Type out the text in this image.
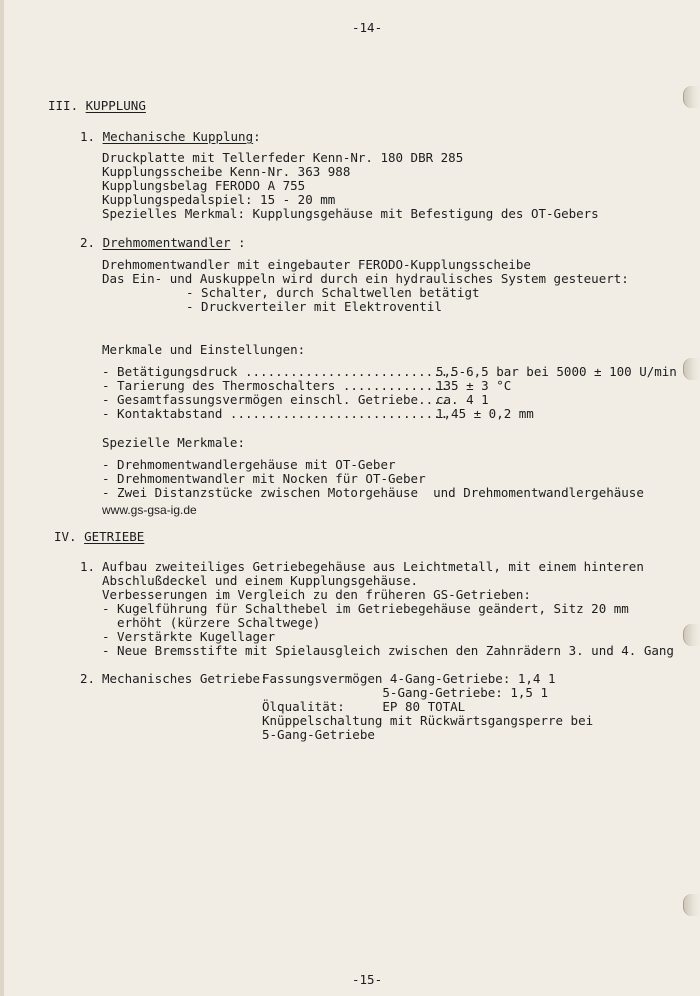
-14-
III. KUPPLUNG
1. Mechanische Kupplung:
Druckplatte mit Tellerfeder Kenn-Nr. 180 DBR 285
Kupplungsscheibe Kenn-Nr. 363 988
Kupplungsbelag FERODO A 755
Kupplungspedalspiel: 15 - 20 mm
Spezielles Merkmal: Kupplungsgehäuse mit Befestigung des OT-Gebers
2. Drehmomentwandler :
Drehmomentwandler mit eingebauter FERODO-Kupplungsscheibe
Das Ein- und Auskuppeln wird durch ein hydraulisches System gesteuert:
- Schalter, durch Schaltwellen betätigt
- Druckverteiler mit Elektroventil
Merkmale und Einstellungen:
- Betätigungsdruck ............................
5,5-6,5 bar bei 5000 ± 100 U/min
- Tarierung des Thermoschalters ..............
135 ± 3 °C
- Gesamtfassungsvermögen einschl. Getriebe....
ca. 4 1
- Kontaktabstand .............................
1,45 ± 0,2 mm
Spezielle Merkmale:
- Drehmomentwandlergehäuse mit OT-Geber
- Drehmomentwandler mit Nocken für OT-Geber
- Zwei Distanzstücke zwischen Motorgehäuse  und Drehmomentwandlergehäuse
www.gs-gsa-ig.de
IV. GETRIEBE
1. Aufbau zweiteiliges Getriebegehäuse aus Leichtmetall, mit einem hinteren
Abschlußdeckel und einem Kupplungsgehäuse.
Verbesserungen im Vergleich zu den früheren GS-Getrieben:
- Kugelführung für Schalthebel im Getriebegehäuse geändert, Sitz 20 mm
erhöht (kürzere Schaltwege)
- Verstärkte Kugellager
- Neue Bremsstifte mit Spielausgleich zwischen den Zahnrädern 3. und 4. Gang
2. Mechanisches Getriebe:
Fassungsvermögen 4-Gang-Getriebe: 1,4 1
5-Gang-Getriebe: 1,5 1
Ölqualität:     EP 80 TOTAL
Knüppelschaltung mit Rückwärtsgangsperre bei
5-Gang-Getriebe
-15-
